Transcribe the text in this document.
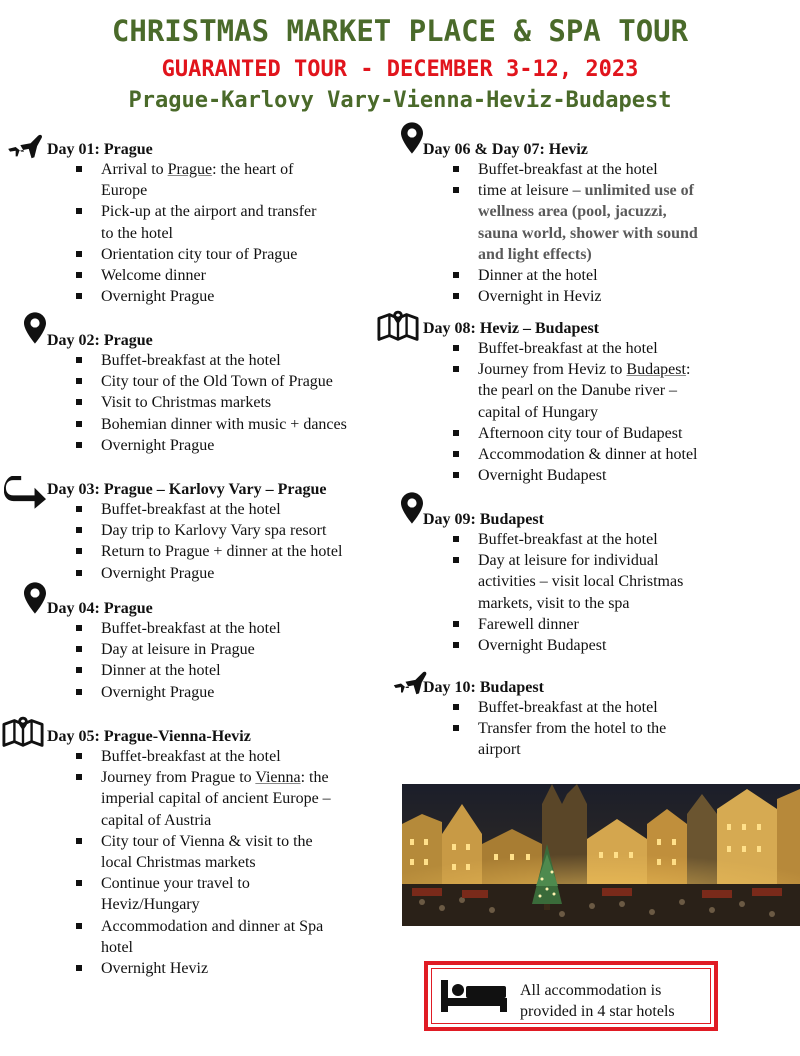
CHRISTMAS MARKET PLACE & SPA TOUR
GUARANTED TOUR - DECEMBER 3-12, 2023
Prague-Karlovy Vary-Vienna-Heviz-Budapest
Day 01: Prague
Arrival to Prague: the heart of
Europe
Pick-up at the airport and transfer
to the hotel
Orientation city tour of Prague
Welcome dinner
Overnight Prague
Day 02: Prague
Buffet-breakfast at the hotel
City tour of the Old Town of Prague
Visit to Christmas markets
Bohemian dinner with music + dances
Overnight Prague
Day 03: Prague – Karlovy Vary – Prague
Buffet-breakfast at the hotel
Day trip to Karlovy Vary spa resort
Return to Prague + dinner at the hotel
Overnight Prague
Day 04: Prague
Buffet-breakfast at the hotel
Day at leisure in Prague
Dinner at the hotel
Overnight Prague
Day 05: Prague-Vienna-Heviz
Buffet-breakfast at the hotel
Journey from Prague to Vienna: the
imperial capital of ancient Europe –
capital of Austria
City tour of Vienna & visit to the
local Christmas markets
Continue your travel to
Heviz/Hungary
Accommodation and dinner at Spa
hotel
Overnight Heviz
Day 06 & Day 07: Heviz
Buffet-breakfast at the hotel
time at leisure – unlimited use of
wellness area (pool, jacuzzi,
sauna world, shower with sound
and light effects)
Dinner at the hotel
Overnight in Heviz
Day 08: Heviz – Budapest
Buffet-breakfast at the hotel
Journey from Heviz to Budapest:
the pearl on the Danube river –
capital of Hungary
Afternoon city tour of Budapest
Accommodation & dinner at hotel
Overnight Budapest
Day 09: Budapest
Buffet-breakfast at the hotel
Day at leisure for individual
activities – visit local Christmas
markets, visit to the spa
Farewell dinner
Overnight Budapest
Day 10: Budapest
Buffet-breakfast at the hotel
Transfer from the hotel to the
airport
All accommodation is
provided in 4 star hotels
